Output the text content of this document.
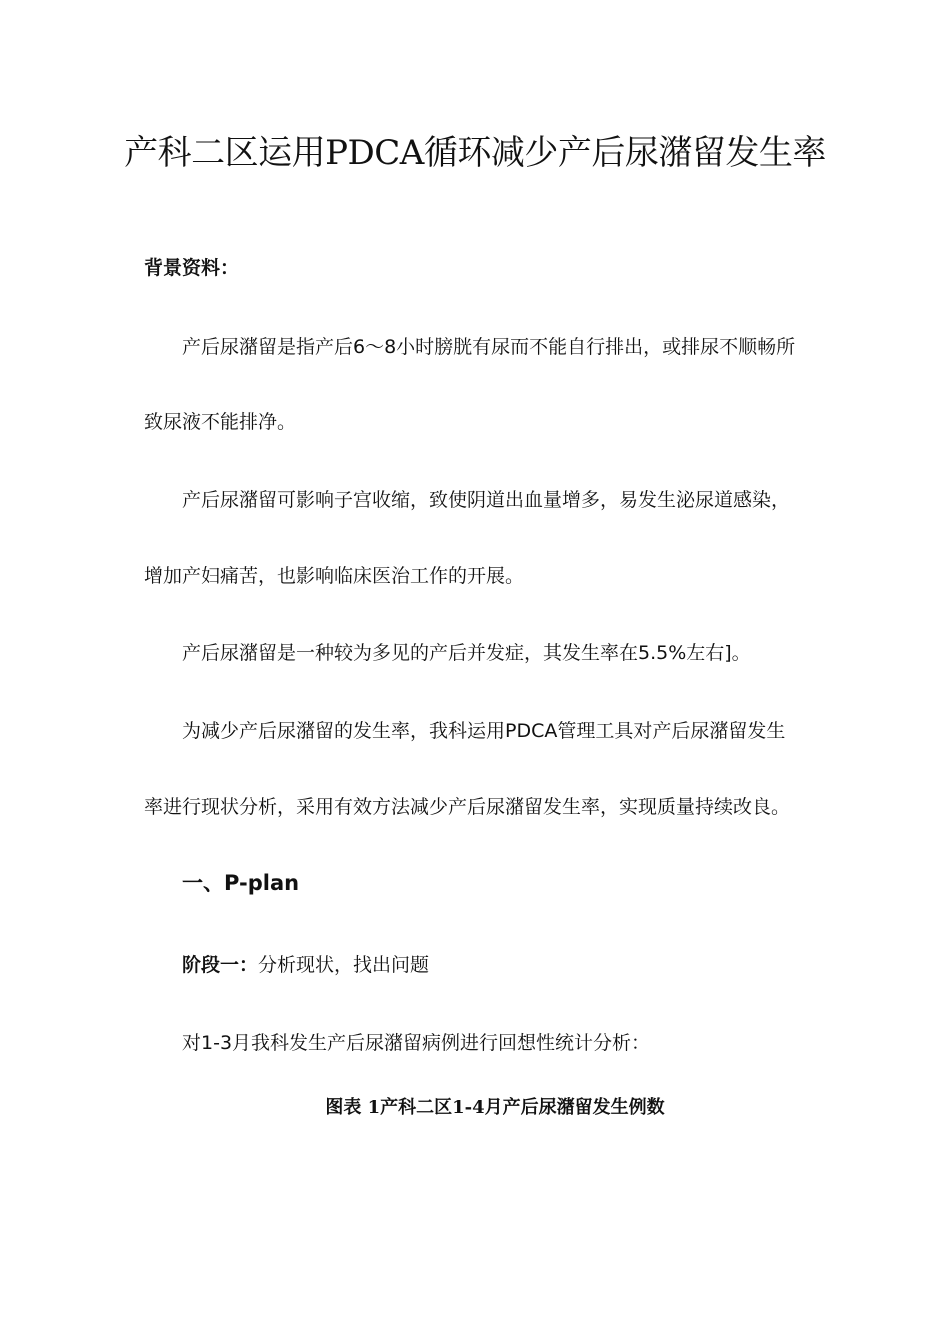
产科二区运用PDCA循环减少产后尿潴留发生率

背景资料：

产后尿潴留是指产后6～8小时膀胱有尿而不能自行排出，或排尿不顺畅所

致尿液不能排净。

产后尿潴留可影响子宫收缩，致使阴道出血量增多，易发生泌尿道感染，

增加产妇痛苦，也影响临床医治工作的开展。

产后尿潴留是一种较为多见的产后并发症，其发生率在5.5%左右]。

为减少产后尿潴留的发生率，我科运用PDCA管理工具对产后尿潴留发生

率进行现状分析，采用有效方法减少产后尿潴留发生率，实现质量持续改良。

一、P-plan

阶段一：分析现状，找出问题

对1-3月我科发生产后尿潴留病例进行回想性统计分析：

图表 1产科二区1-4月产后尿潴留发生例数
